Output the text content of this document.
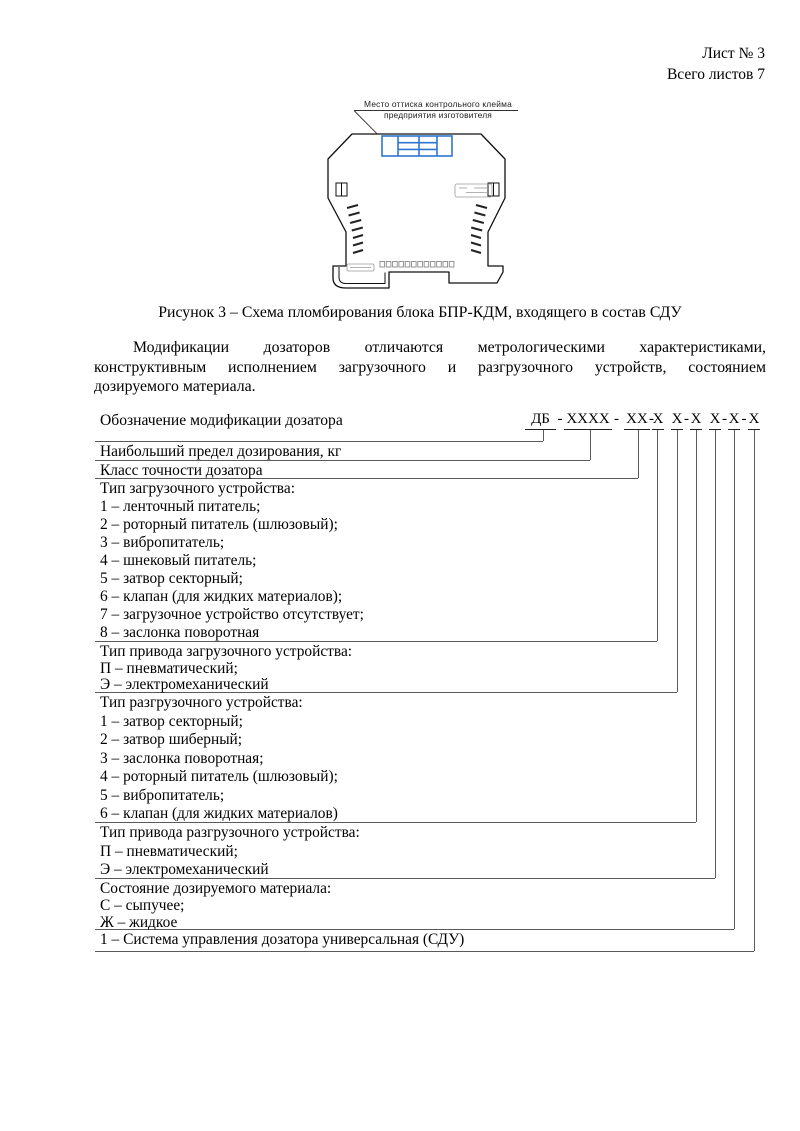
Лист № 3
Всего листов 7
Место оттиска контрольного клейма
предприятия изготовителя
Рисунок 3 – Схема пломбирования блока БПР-КДМ, входящего в состав СДУ
Модификации дозаторов отличаются метрологическими характеристиками,
конструктивным исполнением загрузочного и разгрузочного устройств, состоянием
дозируемого материала.
Обозначение модификации дозатора	ДБ - ХХХХ - ХХ -
Х Х - Х Х - Х - Х
Наибольший предел дозирования, кг
Класс точности дозатора
Тип загрузочного устройства:
1 – ленточный питатель;
2 – роторный питатель (шлюзовый);
3 – вибропитатель;
4 – шнековый питатель;
5 – затвор секторный;
6 – клапан (для жидких материалов);
7 – загрузочное устройство отсутствует;
8 – заслонка поворотная
Тип привода загрузочного устройства:
П – пневматический;
Э – электромеханический
Тип разгрузочного устройства:
1 – затвор секторный;
2 – затвор шиберный;
3 – заслонка поворотная;
4 – роторный питатель (шлюзовый);
5 – вибропитатель;
6 – клапан (для жидких материалов)
Тип привода разгрузочного устройства:
П – пневматический;
Э – электромеханический
Состояние дозируемого материала:
С – сыпучее;
Ж – жидкое
1 – Система управления дозатора универсальная (СДУ)
